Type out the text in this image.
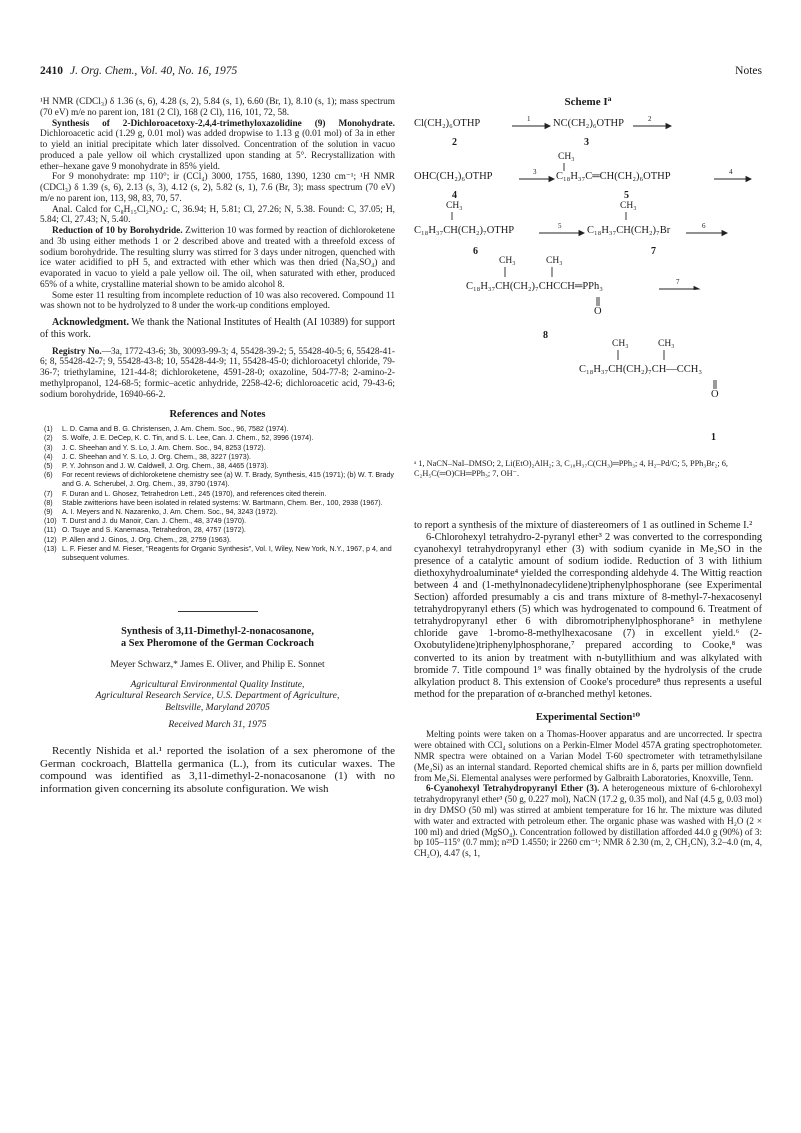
2410 J. Org. Chem., Vol. 40, No. 16, 1975	Notes

¹H NMR (CDCl₃) δ 1.36 (s, 6), 4.28 (s, 2), 5.84 (s, 1), 6.60 (Br, 1), 8.10 (s, 1); mass spectrum (70 eV) m/e no parent ion, 181 (2 Cl), 168 (2 Cl), 116, 101, 72, 58.

Synthesis of 2-Dichloroacetoxy-2,4,4-trimethyloxazolidine (9) Monohydrate. Dichloroacetic acid (1.29 g, 0.01 mol) was added dropwise to 1.13 g (0.01 mol) of 3a in ether to yield an initial precipitate which later dissolved. Concentration of the solution in vacuo produced a pale yellow oil which crystallized upon standing at 5°. Recrystallization with ether–hexane gave 9 monohydrate in 85% yield.

For 9 monohydrate: mp 110°; ir (CCl₄) 3000, 1755, 1680, 1390, 1230 cm⁻¹; ¹H NMR (CDCl₃) δ 1.39 (s, 6), 2.13 (s, 3), 4.12 (s, 2), 5.82 (s, 1), 7.6 (Br, 3); mass spectrum (70 eV) m/e no parent ion, 113, 98, 83, 70, 57.

Anal. Calcd for C₈H₁₅Cl₂NO₄: C, 36.94; H, 5.81; Cl, 27.26; N, 5.38. Found: C, 37.05; H, 5.84; Cl, 27.43; N, 5.40.

Reduction of 10 by Borohydride. Zwitterion 10 was formed by reaction of dichloroketene and 3b using either methods 1 or 2 described above and treated with a threefold excess of sodium borohydride. The resulting slurry was stirred for 3 days under nitrogen, quenched with ice water acidified to pH 5, and extracted with ether which was then dried (Na₂SO₄) and evaporated in vacuo to yield a pale yellow oil. The oil, when saturated with ether, produced 65% of a white, crystalline material shown to be amido alcohol 8.

Some ester 11 resulting from incomplete reduction of 10 was also recovered. Compound 11 was shown not to be hydrolyzed to 8 under the work-up conditions employed.

Acknowledgment. We thank the National Institutes of Health (AI 10389) for support of this work.

Registry No.—3a, 1772-43-6; 3b, 30093-99-3; 4, 55428-39-2; 5, 55428-40-5; 6, 55428-41-6; 8, 55428-42-7; 9, 55428-43-8; 10, 55428-44-9; 11, 55428-45-0; dichloroacetyl chloride, 79-36-7; triethylamine, 121-44-8; dichloroketene, 4591-28-0; oxazoline, 504-77-8; 2-amino-2-methylpropanol, 124-68-5; formic–acetic anhydride, 2258-42-6; dichloroacetic acid, 79-43-6; sodium borohydride, 16940-66-2.

References and Notes
(1) L. D. Cama and B. G. Christensen, J. Am. Chem. Soc., 96, 7582 (1974).
(2) S. Wolfe, J. E. DeCep, K. C. Tin, and S. L. Lee, Can. J. Chem., 52, 3996 (1974).
(3) J. C. Sheehan and Y. S. Lo, J. Am. Chem. Soc., 94, 8253 (1972).
(4) J. C. Sheehan and Y. S. Lo, J. Org. Chem., 38, 3227 (1973).
(5) P. Y. Johnson and J. W. Caldwell, J. Org. Chem., 38, 4465 (1973).
(6) For recent reviews of dichloroketene chemistry see (a) W. T. Brady, Synthesis, 415 (1971); (b) W. T. Brady and G. A. Scherubel, J. Org. Chem., 39, 3790 (1974).
(7) F. Duran and L. Ghosez, Tetrahedron Lett., 245 (1970), and references cited therein.
(8) Stable zwitterions have been isolated in related systems: W. Bartmann, Chem. Ber., 100, 2938 (1967).
(9) A. I. Meyers and N. Nazarenko, J. Am. Chem. Soc., 94, 3243 (1972).
(10) T. Durst and J. du Manoir, Can. J. Chem., 48, 3749 (1970).
(11) O. Tsuye and S. Kanemasa, Tetrahedron, 28, 4757 (1972).
(12) P. Allen and J. Ginos, J. Org. Chem., 28, 2759 (1963).
(13) L. F. Fieser and M. Fieser, "Reagents for Organic Synthesis", Vol. I, Wiley, New York, N.Y., 1967, p 4, and subsequent volumes.
Synthesis of 3,11-Dimethyl-2-nonacosanone,
a Sex Pheromone of the German Cockroach
Meyer Schwarz,* James E. Oliver, and Philip E. Sonnet
Agricultural Environmental Quality Institute,
Agricultural Research Service, U.S. Department of Agriculture,
Beltsville, Maryland 20705
Received March 31, 1975

Recently Nishida et al.¹ reported the isolation of a sex pheromone of the German cockroach, Blattella germanica (L.), from its cuticular waxes. The compound was identified as 3,11-dimethyl-2-nonacosanone (1) with no information given concerning its absolute configuration. We wish

Scheme $I^a$
Cl(CH₂)₆OTHP	1 NC(CH₂)₆OTHP	2
2	3
CH₃
OHC(CH₂)₆OTHP	3 C₁₈H₃₇C═CH(CH₂)₆OTHP	4
4	5
CH₃	CH₃
C₁₈H₃₇CH(CH₂)₇OTHP	5 C₁₈H₃₇CH(CH₂)₇Br	6
6	7
CH₃	CH₃
C₁₈H₃₇CH(CH₂)₇CHCCH═PPh₃	7
O
8
CH₃	CH₃
C₁₈H₃₇CH(CH₂)₇CH—CCH₃
O
1
ᵃ 1, NaCN–NaI–DMSO; 2, Li(EtO)₂AlH₂; 3, C₁₈H₃₇C(CH₃)═PPh₃; 4, H₂–Pd/C; 5, PPh₃Br₂; 6, C₂H₅C(═O)CH═PPh₃; 7, OH⁻.

to report a synthesis of the mixture of diastereomers of 1 as outlined in Scheme I.²

6-Chlorohexyl tetrahydro-2-pyranyl ether³ 2 was converted to the corresponding cyanohexyl tetrahydropyranyl ether (3) with sodium cyanide in Me₂SO in the presence of a catalytic amount of sodium iodide. Reduction of 3 with lithium diethoxyhydroaluminate⁴ yielded the corresponding aldehyde 4. The Wittig reaction between 4 and (1-methylnonadecylidene)triphenylphosphorane (see Experimental Section) afforded presumably a cis and trans mixture of 8-methyl-7-hexacosenyl tetrahydropyranyl ethers (5) which was hydrogenated to compound 6. Treatment of tetrahydropyranyl ether 6 with dibromotriphenylphosphorane⁵ in methylene chloride gave 1-bromo-8-methylhexacosane (7) in excellent yield.⁶ (2-Oxobutylidene)triphenylphosphorane,⁷ prepared according to Cooke,⁸ was converted to its anion by treatment with n-butyllithium and was alkylated with bromide 7. Title compound 1⁹ was finally obtained by the hydrolysis of the crude alkylation product 8. This extension of Cooke's procedure⁸ thus represents a useful method for the preparation of α-branched methyl ketones.

Experimental Section¹⁰

Melting points were taken on a Thomas-Hoover apparatus and are uncorrected. Ir spectra were obtained with CCl₄ solutions on a Perkin-Elmer Model 457A grating spectrophotometer. NMR spectra were obtained on a Varian Model T-60 spectrometer with tetramethylsilane (Me₄Si) as an internal standard. Reported chemical shifts are in δ, parts per million downfield from Me₄Si. Elemental analyses were performed by Galbraith Laboratories, Knoxville, Tenn.

6-Cyanohexyl Tetrahydropyranyl Ether (3). A heterogeneous mixture of 6-chlorohexyl tetrahydropyranyl ether³ (50 g, 0.227 mol), NaCN (17.2 g, 0.35 mol), and NaI (4.5 g, 0.03 mol) in dry DMSO (50 ml) was stirred at ambient temperature for 16 hr. The mixture was diluted with water and extracted with petroleum ether. The organic phase was washed with H₂O (2 × 100 ml) and dried (MgSO₄). Concentration followed by distillation afforded 44.0 g (90%) of 3: bp 105–115° (0.7 mm); n²⁵D 1.4550; ir 2260 cm⁻¹; NMR δ 2.30 (m, 2, CH₂CN), 3.2–4.0 (m, 4, CH₂O), 4.47 (s, 1,
